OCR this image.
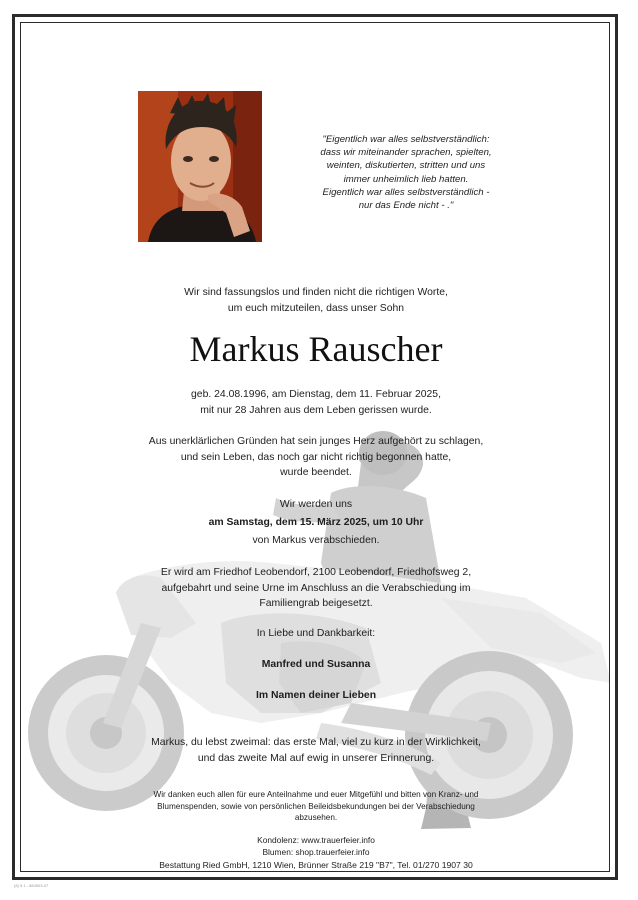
"Eigentlich war alles selbstverständlich:
dass wir miteinander sprachen, spielten,
weinten, diskutierten, stritten und uns
immer unheimlich lieb hatten.
Eigentlich war alles selbstverständlich -
nur das Ende nicht - ."
Wir sind fassungslos und finden nicht die richtigen Worte,
um euch mitzuteilen, dass unser Sohn
Markus Rauscher
geb. 24.08.1996, am Dienstag, dem 11. Februar 2025,
mit nur 28 Jahren aus dem Leben gerissen wurde.
Aus unerklärlichen Gründen hat sein junges Herz aufgehört zu schlagen,
und sein Leben, das noch gar nicht richtig begonnen hatte,
wurde beendet.
Wir werden uns
am Samstag, dem 15. März 2025, um 10 Uhr
von Markus verabschieden.
Er wird am Friedhof Leobendorf, 2100 Leobendorf, Friedhofsweg 2,
aufgebahrt und seine Urne im Anschluss an die Verabschiedung im
Familiengrab beigesetzt.
In Liebe und Dankbarkeit:
Manfred und Susanna
Im Namen deiner Lieben
Markus, du lebst zweimal: das erste Mal, viel zu kurz in der Wirklichkeit,
und das zweite Mal auf ewig in unserer Erinnerung.
Wir danken euch allen für eure Anteilnahme und euer Mitgefühl und bitten von Kranz- und
Blumenspenden, sowie von persönlichen Beileidsbekundungen bei der Verabschiedung
abzusehen.
Kondolenz: www.trauerfeier.info
Blumen: shop.trauerfeier.info
Bestattung Ried GmbH, 1210 Wien, Brünner Straße 219 "B7", Tel. 01/270 1907 30
(8) 5.1 - 884503-07
